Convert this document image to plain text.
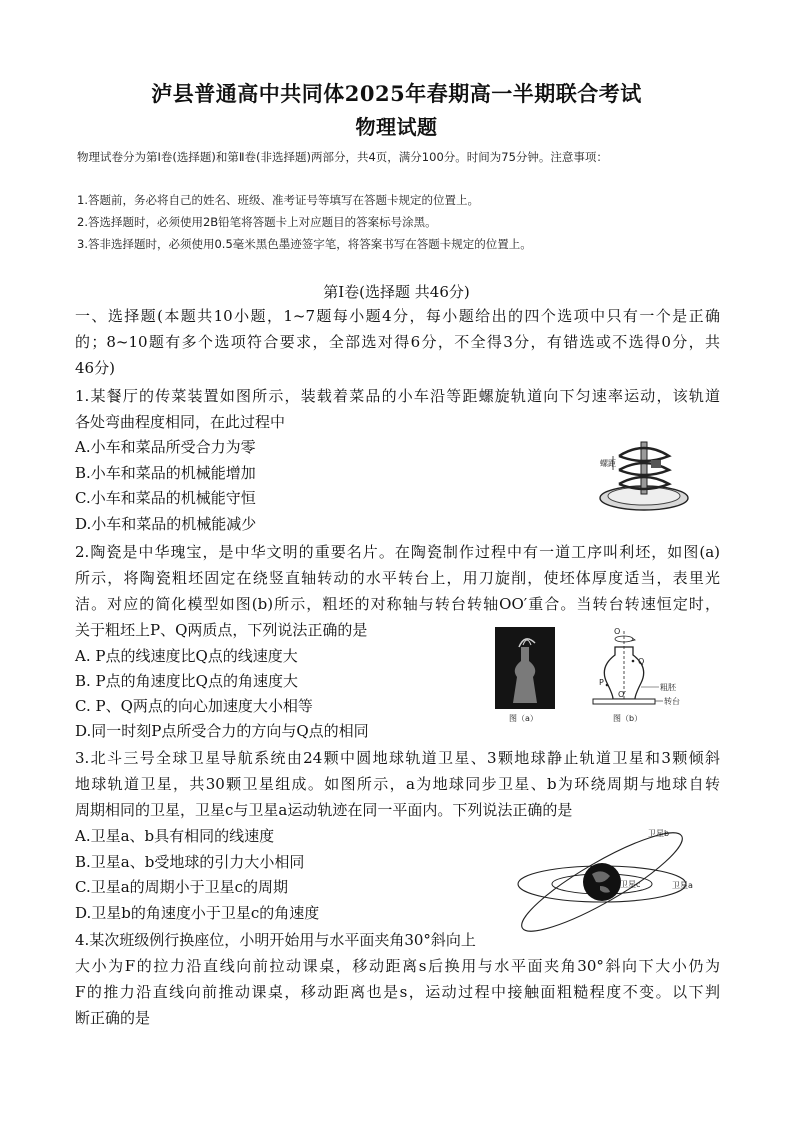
泸县普通高中共同体2025年春期高一半期联合考试
物理试题
物理试卷分为第Ⅰ卷(选择题)和第Ⅱ卷(非选择题)两部分，共4页，满分100分。时间为75分钟。注意事项：
1.答题前，务必将自己的姓名、班级、准考证号等填写在答题卡规定的位置上。
2.答选择题时，必须使用2B铅笔将答题卡上对应题目的答案标号涂黑。
3.答非选择题时，必须使用0.5毫米黑色墨迹签字笔，将答案书写在答题卡规定的位置上。
第Ⅰ卷(选择题 共46分)
一、选择题(本题共10小题，1~7题每小题4分，每小题给出的四个选项中只有一个是正确
的；8~10题有多个选项符合要求，全部选对得6分，不全得3分，有错选或不选得0分，共
46分)
1.某餐厅的传菜装置如图所示，装载着菜品的小车沿等距螺旋轨道向下匀速率运动，该轨道
各处弯曲程度相同，在此过程中
A.小车和菜品所受合力为零
B.小车和菜品的机械能增加
C.小车和菜品的机械能守恒
D.小车和菜品的机械能减少
螺距
2.陶瓷是中华瑰宝，是中华文明的重要名片。在陶瓷制作过程中有一道工序叫利坯，如图(a)
所示，将陶瓷粗坯固定在绕竖直轴转动的水平转台上，用刀旋削，使坯体厚度适当，表里光
洁。对应的简化模型如图(b)所示，粗坯的对称轴与转台转轴OO′重合。当转台转速恒定时，
关于粗坯上P、Q两质点，下列说法正确的是
A. P点的线速度比Q点的线速度大
B. P点的角速度比Q点的角速度大
C. P、Q两点的向心加速度大小相等
D.同一时刻P点所受合力的方向与Q点的相同
图（a）
O
Q
P
O′
粗胚
转台
图（b）
3.北斗三号全球卫星导航系统由24颗中圆地球轨道卫星、3颗地球静止轨道卫星和3颗倾斜
地球轨道卫星，共30颗卫星组成。如图所示，a为地球同步卫星、b为环绕周期与地球自转
周期相同的卫星，卫星c与卫星a运动轨迹在同一平面内。下列说法正确的是
A.卫星a、b具有相同的线速度
B.卫星a、b受地球的引力大小相同
C.卫星a的周期小于卫星c的周期
D.卫星b的角速度小于卫星c的角速度
卫星b
卫星a
卫星c
4.某次班级例行换座位，小明开始用与水平面夹角30°斜向上
大小为F的拉力沿直线向前拉动课桌，移动距离s后换用与水平面夹角30°斜向下大小仍为
F的推力沿直线向前推动课桌，移动距离也是s，运动过程中接触面粗糙程度不变。以下判
断正确的是
